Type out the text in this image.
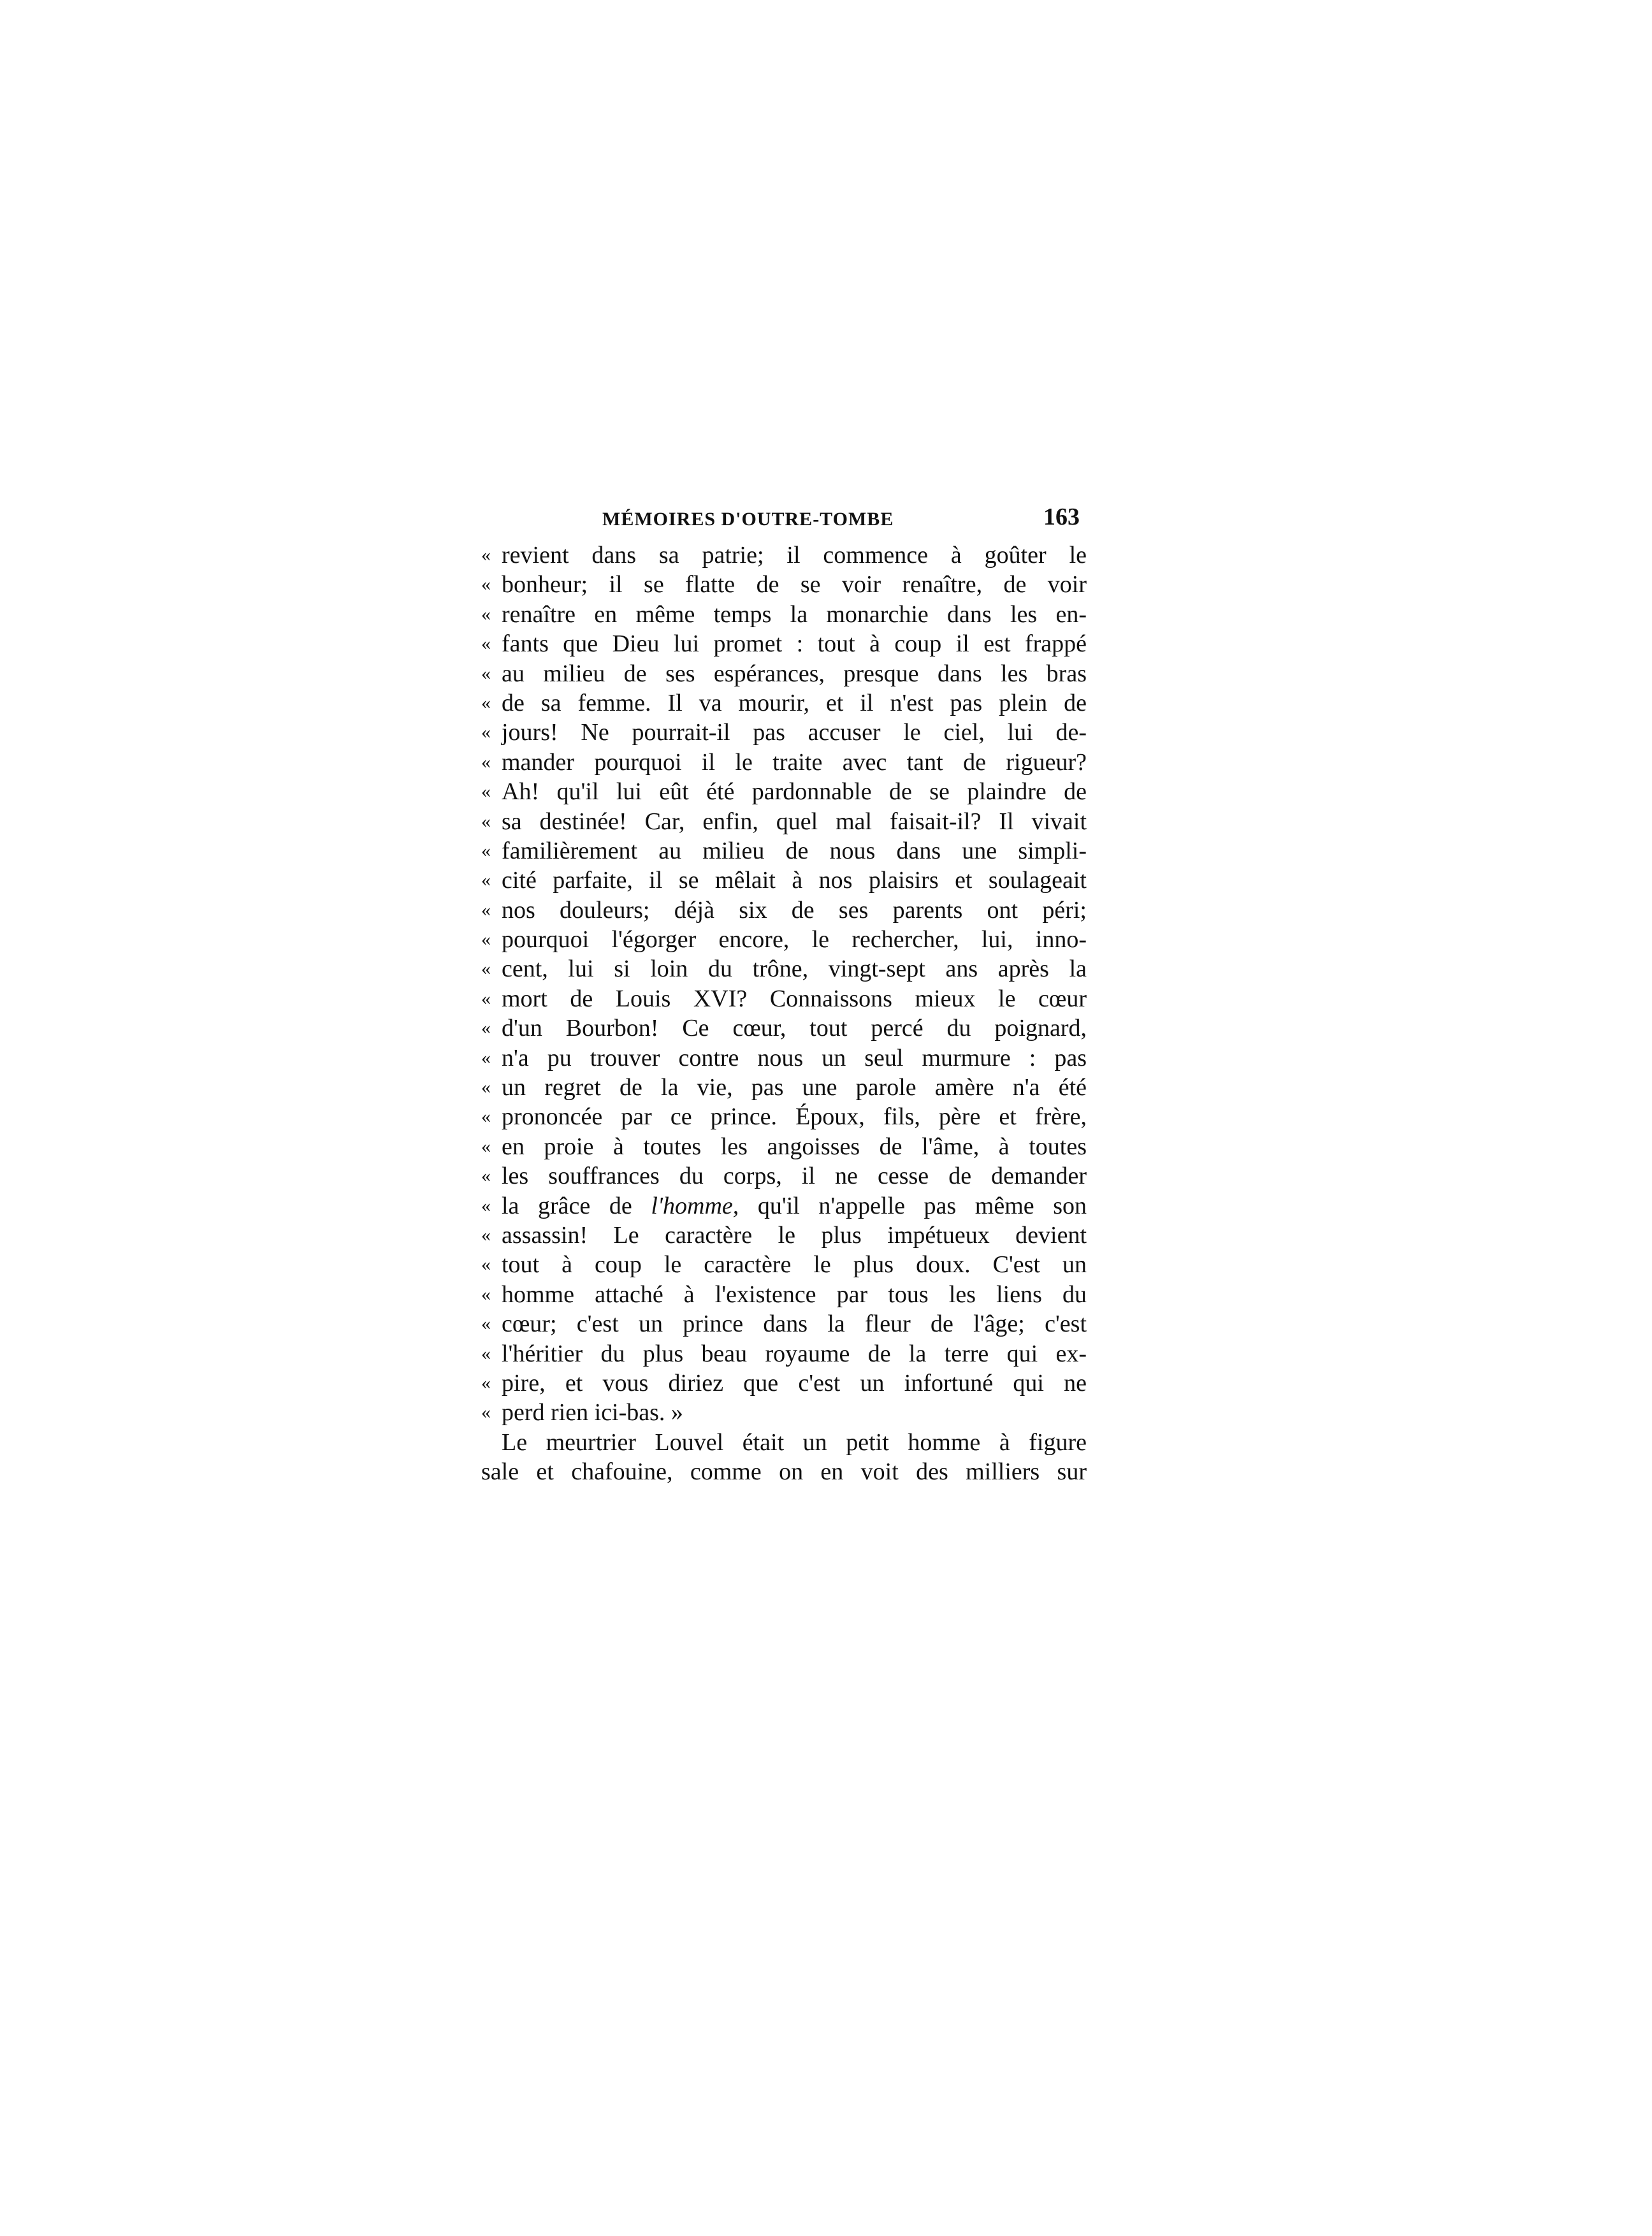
MÉMOIRES D'OUTRE-TOMBE	163
« revient dans sa patrie; il commence à goûter le
« bonheur; il se flatte de se voir renaître, de voir
« renaître en même temps la monarchie dans les en-
« fants que Dieu lui promet : tout à coup il est frappé
« au milieu de ses espérances, presque dans les bras
« de sa femme. Il va mourir, et il n'est pas plein de
« jours! Ne pourrait-il pas accuser le ciel, lui de-
« mander pourquoi il le traite avec tant de rigueur?
« Ah! qu'il lui eût été pardonnable de se plaindre de
« sa destinée! Car, enfin, quel mal faisait-il? Il vivait
« familièrement au milieu de nous dans une simpli-
« cité parfaite, il se mêlait à nos plaisirs et soulageait
« nos douleurs; déjà six de ses parents ont péri;
« pourquoi l'égorger encore, le rechercher, lui, inno-
« cent, lui si loin du trône, vingt-sept ans après la
« mort de Louis XVI? Connaissons mieux le cœur
« d'un Bourbon! Ce cœur, tout percé du poignard,
« n'a pu trouver contre nous un seul murmure : pas
« un regret de la vie, pas une parole amère n'a été
« prononcée par ce prince. Époux, fils, père et frère,
« en proie à toutes les angoisses de l'âme, à toutes
« les souffrances du corps, il ne cesse de demander
« la grâce de l'homme, qu'il n'appelle pas même son
« assassin! Le caractère le plus impétueux devient
« tout à coup le caractère le plus doux. C'est un
« homme attaché à l'existence par tous les liens du
« cœur; c'est un prince dans la fleur de l'âge; c'est
« l'héritier du plus beau royaume de la terre qui ex-
« pire, et vous diriez que c'est un infortuné qui ne
« perd rien ici-bas. »
Le meurtrier Louvel était un petit homme à figure
sale et chafouine, comme on en voit des milliers sur
